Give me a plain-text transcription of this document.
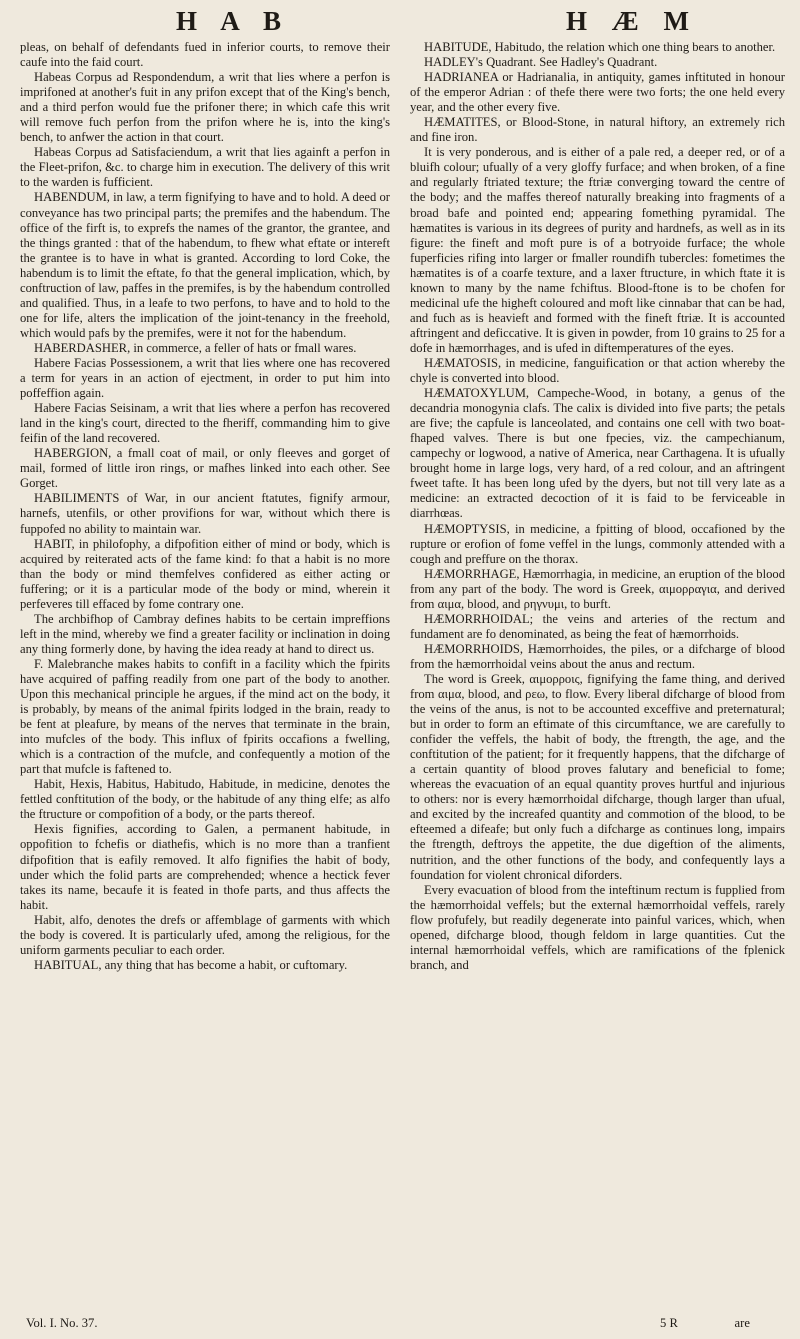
H A B	H Æ M

pleas, on behalf of defendants fued in inferior courts, to remove their caufe into the faid court.

Habeas Corpus ad Respondendum, a writ that lies where a perfon is imprifoned at another's fuit in any prifon except that of the King's bench, and a third perfon would fue the prifoner there; in which cafe this writ will remove fuch perfon from the prifon where he is, into the king's bench, to anfwer the action in that court.

Habeas Corpus ad Satisfaciendum, a writ that lies againft a perfon in the Fleet-prifon, &c. to charge him in execution. The delivery of this writ to the warden is fufficient.

HABENDUM, in law, a term fignifying to have and to hold. A deed or conveyance has two principal parts; the premifes and the habendum. The office of the firft is, to exprefs the names of the grantor, the grantee, and the things granted : that of the habendum, to fhew what eftate or intereft the grantee is to have in what is granted. According to lord Coke, the habendum is to limit the eftate, fo that the general implication, which, by conftruction of law, paffes in the premifes, is by the habendum controlled and qualified. Thus, in a leafe to two perfons, to have and to hold to the one for life, alters the implication of the joint-tenancy in the freehold, which would pafs by the premifes, were it not for the habendum.

HABERDASHER, in commerce, a feller of hats or fmall wares.

Habere Facias Possessionem, a writ that lies where one has recovered a term for years in an action of ejectment, in order to put him into poffeffion again.

Habere Facias Seisinam, a writ that lies where a perfon has recovered land in the king's court, directed to the fheriff, commanding him to give feifin of the land recovered.

HABERGION, a fmall coat of mail, or only fleeves and gorget of mail, formed of little iron rings, or mafhes linked into each other. See Gorget.

HABILIMENTS of War, in our ancient ftatutes, fignify armour, harnefs, utenfils, or other provifions for war, without which there is fuppofed no ability to maintain war.

HABIT, in philofophy, a difpofition either of mind or body, which is acquired by reiterated acts of the fame kind: fo that a habit is no more than the body or mind themfelves confidered as either acting or fuffering; or it is a particular mode of the body or mind, wherein it perfeveres till effaced by fome contrary one.

The archbifhop of Cambray defines habits to be certain impreffions left in the mind, whereby we find a greater facility or inclination in doing any thing formerly done, by having the idea ready at hand to direct us.

F. Malebranche makes habits to confift in a facility which the fpirits have acquired of paffing readily from one part of the body to another. Upon this mechanical principle he argues, if the mind act on the body, it is probably, by means of the animal fpirits lodged in the brain, ready to be fent at pleafure, by means of the nerves that terminate in the brain, into mufcles of the body. This influx of fpirits occafions a fwelling, which is a contraction of the mufcle, and confequently a motion of the part that mufcle is faftened to.

Habit, Hexis, Habitus, Habitudo, Habitude, in medicine, denotes the fettled conftitution of the body, or the habitude of any thing elfe; as alfo the ftructure or compofition of a body, or the parts thereof.

Hexis fignifies, according to Galen, a permanent habitude, in oppofition to fchefis or diathefis, which is no more than a tranfient difpofition that is eafily removed. It alfo fignifies the habit of body, under which the folid parts are comprehended; whence a hectick fever takes its name, becaufe it is feated in thofe parts, and thus affects the habit.

Habit, alfo, denotes the drefs or affemblage of garments with which the body is covered. It is particularly ufed, among the religious, for the uniform garments peculiar to each order.

HABITUAL, any thing that has become a habit, or cuftomary.

HABITUDE, Habitudo, the relation which one thing bears to another.

HADLEY's Quadrant. See Hadley's Quadrant.

HADRIANEA or Hadrianalia, in antiquity, games inftituted in honour of the emperor Adrian : of thefe there were two forts; the one held every year, and the other every five.

HÆMATITES, or Blood-Stone, in natural hiftory, an extremely rich and fine iron.

It is very ponderous, and is either of a pale red, a deeper red, or of a bluifh colour; ufually of a very gloffy furface; and when broken, of a fine and regularly ftriated texture; the ftriæ converging toward the centre of the body; and the maffes thereof naturally breaking into fragments of a broad bafe and pointed end; appearing fomething pyramidal. The hæmatites is various in its degrees of purity and hardnefs, as well as in its figure: the fineft and moft pure is of a botryoide furface; the whole fuperficies rifing into larger or fmaller roundifh tubercles: fometimes the hæmatites is of a coarfe texture, and a laxer ftructure, in which ftate it is known to many by the name fchiftus. Blood-ftone is to be chofen for medicinal ufe the higheft coloured and moft like cinnabar that can be had, and fuch as is heavieft and formed with the fineft ftriæ. It is accounted aftringent and deficcative. It is given in powder, from 10 grains to 25 for a dofe in hæmorrhages, and is ufed in diftemperatures of the eyes.

HÆMATOSIS, in medicine, fanguification or that action whereby the chyle is converted into blood.

HÆMATOXYLUM, Campeche-Wood, in botany, a genus of the decandria monogynia clafs. The calix is divided into five parts; the petals are five; the capfule is lanceolated, and contains one cell with two boat-fhaped valves. There is but one fpecies, viz. the campechianum, campechy or logwood, a native of America, near Carthagena. It is ufually brought home in large logs, very hard, of a red colour, and an aftringent fweet tafte. It has been long ufed by the dyers, but not till very late as a medicine: an extracted decoction of it is faid to be ferviceable in diarrhœas.

HÆMOPTYSIS, in medicine, a fpitting of blood, occafioned by the rupture or erofion of fome veffel in the lungs, commonly attended with a cough and preffure on the thorax.

HÆMORRHAGE, Hæmorrhagia, in medicine, an eruption of the blood from any part of the body. The word is Greek, αιμορραγια, and derived from αιμα, blood, and ρηγνυμι, to burft.

HÆMORRHOIDAL; the veins and arteries of the rectum and fundament are fo denominated, as being the feat of hæmorrhoids.

HÆMORRHOIDS, Hæmorrhoides, the piles, or a difcharge of blood from the hæmorrhoidal veins about the anus and rectum.

The word is Greek, αιμορροις, fignifying the fame thing, and derived from αιμα, blood, and ρεω, to flow. Every liberal difcharge of blood from the veins of the anus, is not to be accounted exceffive and preternatural; but in order to form an eftimate of this circumftance, we are carefully to confider the veffels, the habit of body, the ftrength, the age, and the conftitution of the patient; for it frequently happens, that the difcharge of a certain quantity of blood proves falutary and beneficial to fome; whereas the evacuation of an equal quantity proves hurtful and injurious to others: nor is every hæmorrhoidal difcharge, though larger than ufual, and excited by the increafed quantity and commotion of the blood, to be efteemed a difeafe; but only fuch a difcharge as continues long, impairs the ftrength, deftroys the appetite, the due digeftion of the aliments, nutrition, and the other functions of the body, and confequently lays a foundation for violent chronical diforders.

Every evacuation of blood from the inteftinum rectum is fupplied from the hæmorrhoidal veffels; but the external hæmorrhoidal veffels, rarely flow profufely, but readily degenerate into painful varices, which, when opened, difcharge blood, though feldom in large quantities. Cut the internal hæmorrhoidal veffels, which are ramifications of the fplenick branch, and

Vol. I. No. 37.	5 R	are
